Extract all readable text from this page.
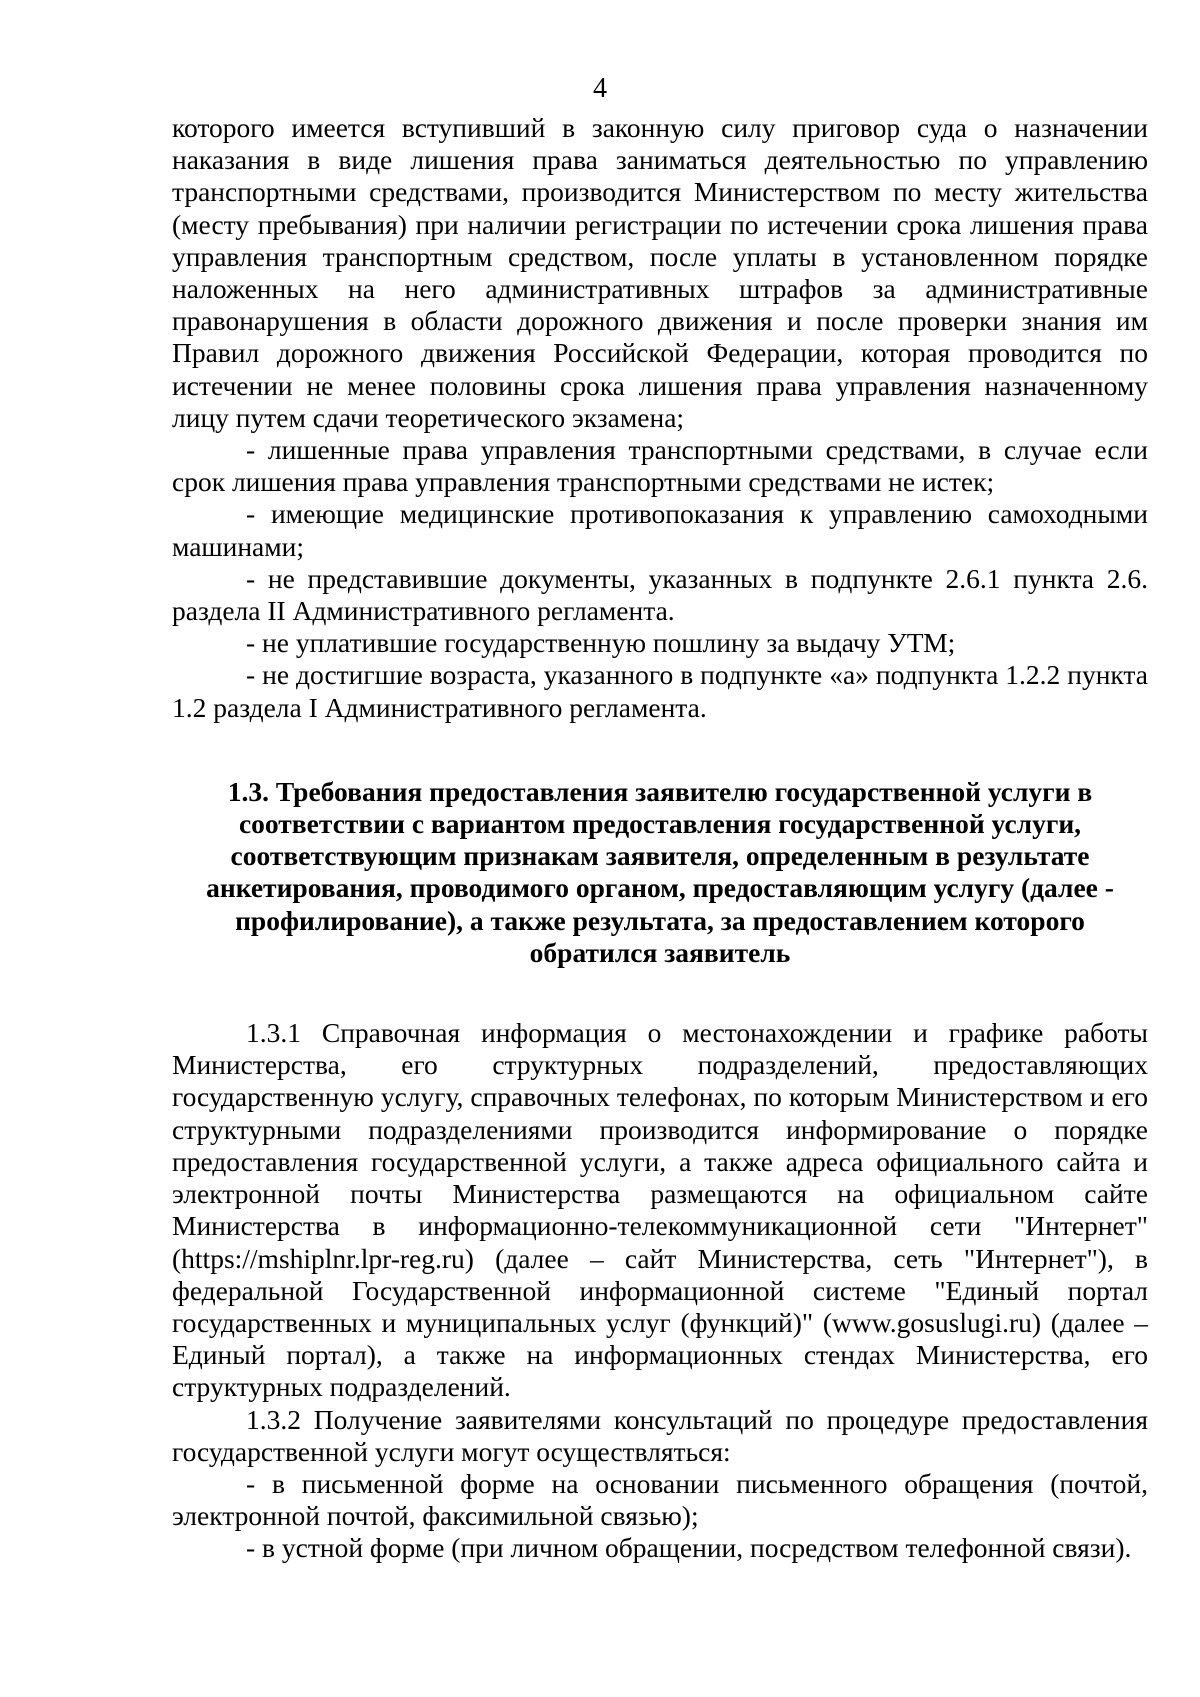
4

которого имеется вступивший в законную силу приговор суда о назначении наказания в виде лишения права заниматься деятельностью по управлению транспортными средствами, производится Министерством по месту жительства (месту пребывания) при наличии регистрации по истечении срока лишения права управления транспортным средством, после уплаты в установленном порядке наложенных на него административных штрафов за административные правонарушения в области дорожного движения и после проверки знания им Правил дорожного движения Российской Федерации, которая проводится по истечении не менее половины срока лишения права управления назначенному лицу путем сдачи теоретического экзамена;

- лишенные права управления транспортными средствами, в случае если срок лишения права управления транспортными средствами не истек;

- имеющие медицинские противопоказания к управлению самоходными машинами;

- не представившие документы, указанных в подпункте 2.6.1 пункта 2.6. раздела II Административного регламента.

- не уплатившие государственную пошлину за выдачу УТМ;

- не достигшие возраста, указанного в подпункте «а» подпункта 1.2.2 пункта 1.2 раздела I Административного регламента.

1.3. Требования предоставления заявителю государственной услуги в
соответствии с вариантом предоставления государственной услуги,
соответствующим признакам заявителя, определенным в результате
анкетирования, проводимого органом, предоставляющим услугу (далее -
профилирование), а также результата, за предоставлением которого
обратился заявитель

1.3.1 Справочная информация о местонахождении и графике работы Министерства, его структурных подразделений, предоставляющих государственную услугу, справочных телефонах, по которым Министерством и его структурными подразделениями производится информирование о порядке предоставления государственной услуги, а также адреса официального сайта и электронной почты Министерства размещаются на официальном сайте Министерства в информационно-телекоммуникационной сети "Интернет" (https://mshiplnr.lpr-reg.ru) (далее – сайт Министерства, сеть "Интернет"), в федеральной Государственной информационной системе "Единый портал государственных и муниципальных услуг (функций)" (www.gosuslugi.ru) (далее – Единый портал), а также на информационных стендах Министерства, его структурных подразделений.

1.3.2 Получение заявителями консультаций по процедуре предоставления государственной услуги могут осуществляться:

- в письменной форме на основании письменного обращения (почтой, электронной почтой, факсимильной связью);

- в устной форме (при личном обращении, посредством телефонной связи).
